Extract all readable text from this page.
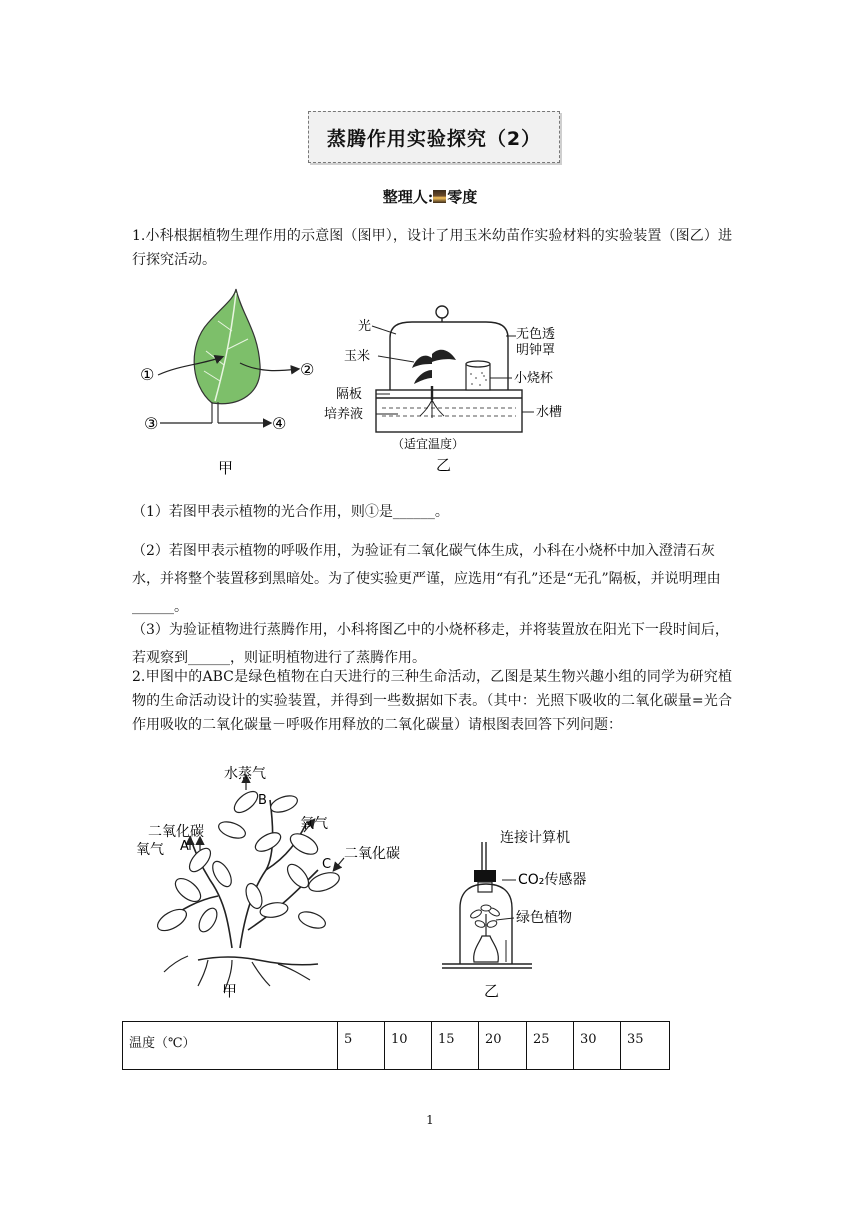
蒸腾作用实验探究（2）
整理人: 零度
1.小科根据植物生理作用的示意图（图甲），设计了用玉米幼苗作实验材料的实验装置（图乙）进行探究活动。
①	②
③	④
甲
光
玉米
隔板
培养液
无色透
明钟罩
小烧杯
水槽
（适宜温度）
乙
（1）若图甲表示植物的光合作用，则①是______。
（2）若图甲表示植物的呼吸作用，为验证有二氧化碳气体生成，小科在小烧杯中加入澄清石灰水，并将整个装置移到黑暗处。为了使实验更严谨，应选用“有孔”还是“无孔”隔板，并说明理由______。
（3）为验证植物进行蒸腾作用，小科将图乙中的小烧杯移走，并将装置放在阳光下一段时间后，若观察到______，则证明植物进行了蒸腾作用。
2.甲图中的ABC是绿色植物在白天进行的三种生命活动，乙图是某生物兴趣小组的同学为研究植物的生命活动设计的实验装置，并得到一些数据如下表。（其中：光照下吸收的二氧化碳量=光合作用吸收的二氧化碳量－呼吸作用释放的二氧化碳量）请根图表回答下列问题：
水蒸气
B
二氧化碳
氧气 A
氧气
C
二氧化碳
甲
连接计算机
CO₂传感器
绿色植物
乙
温度（℃）	5	10	15	20	25	30	35
1
